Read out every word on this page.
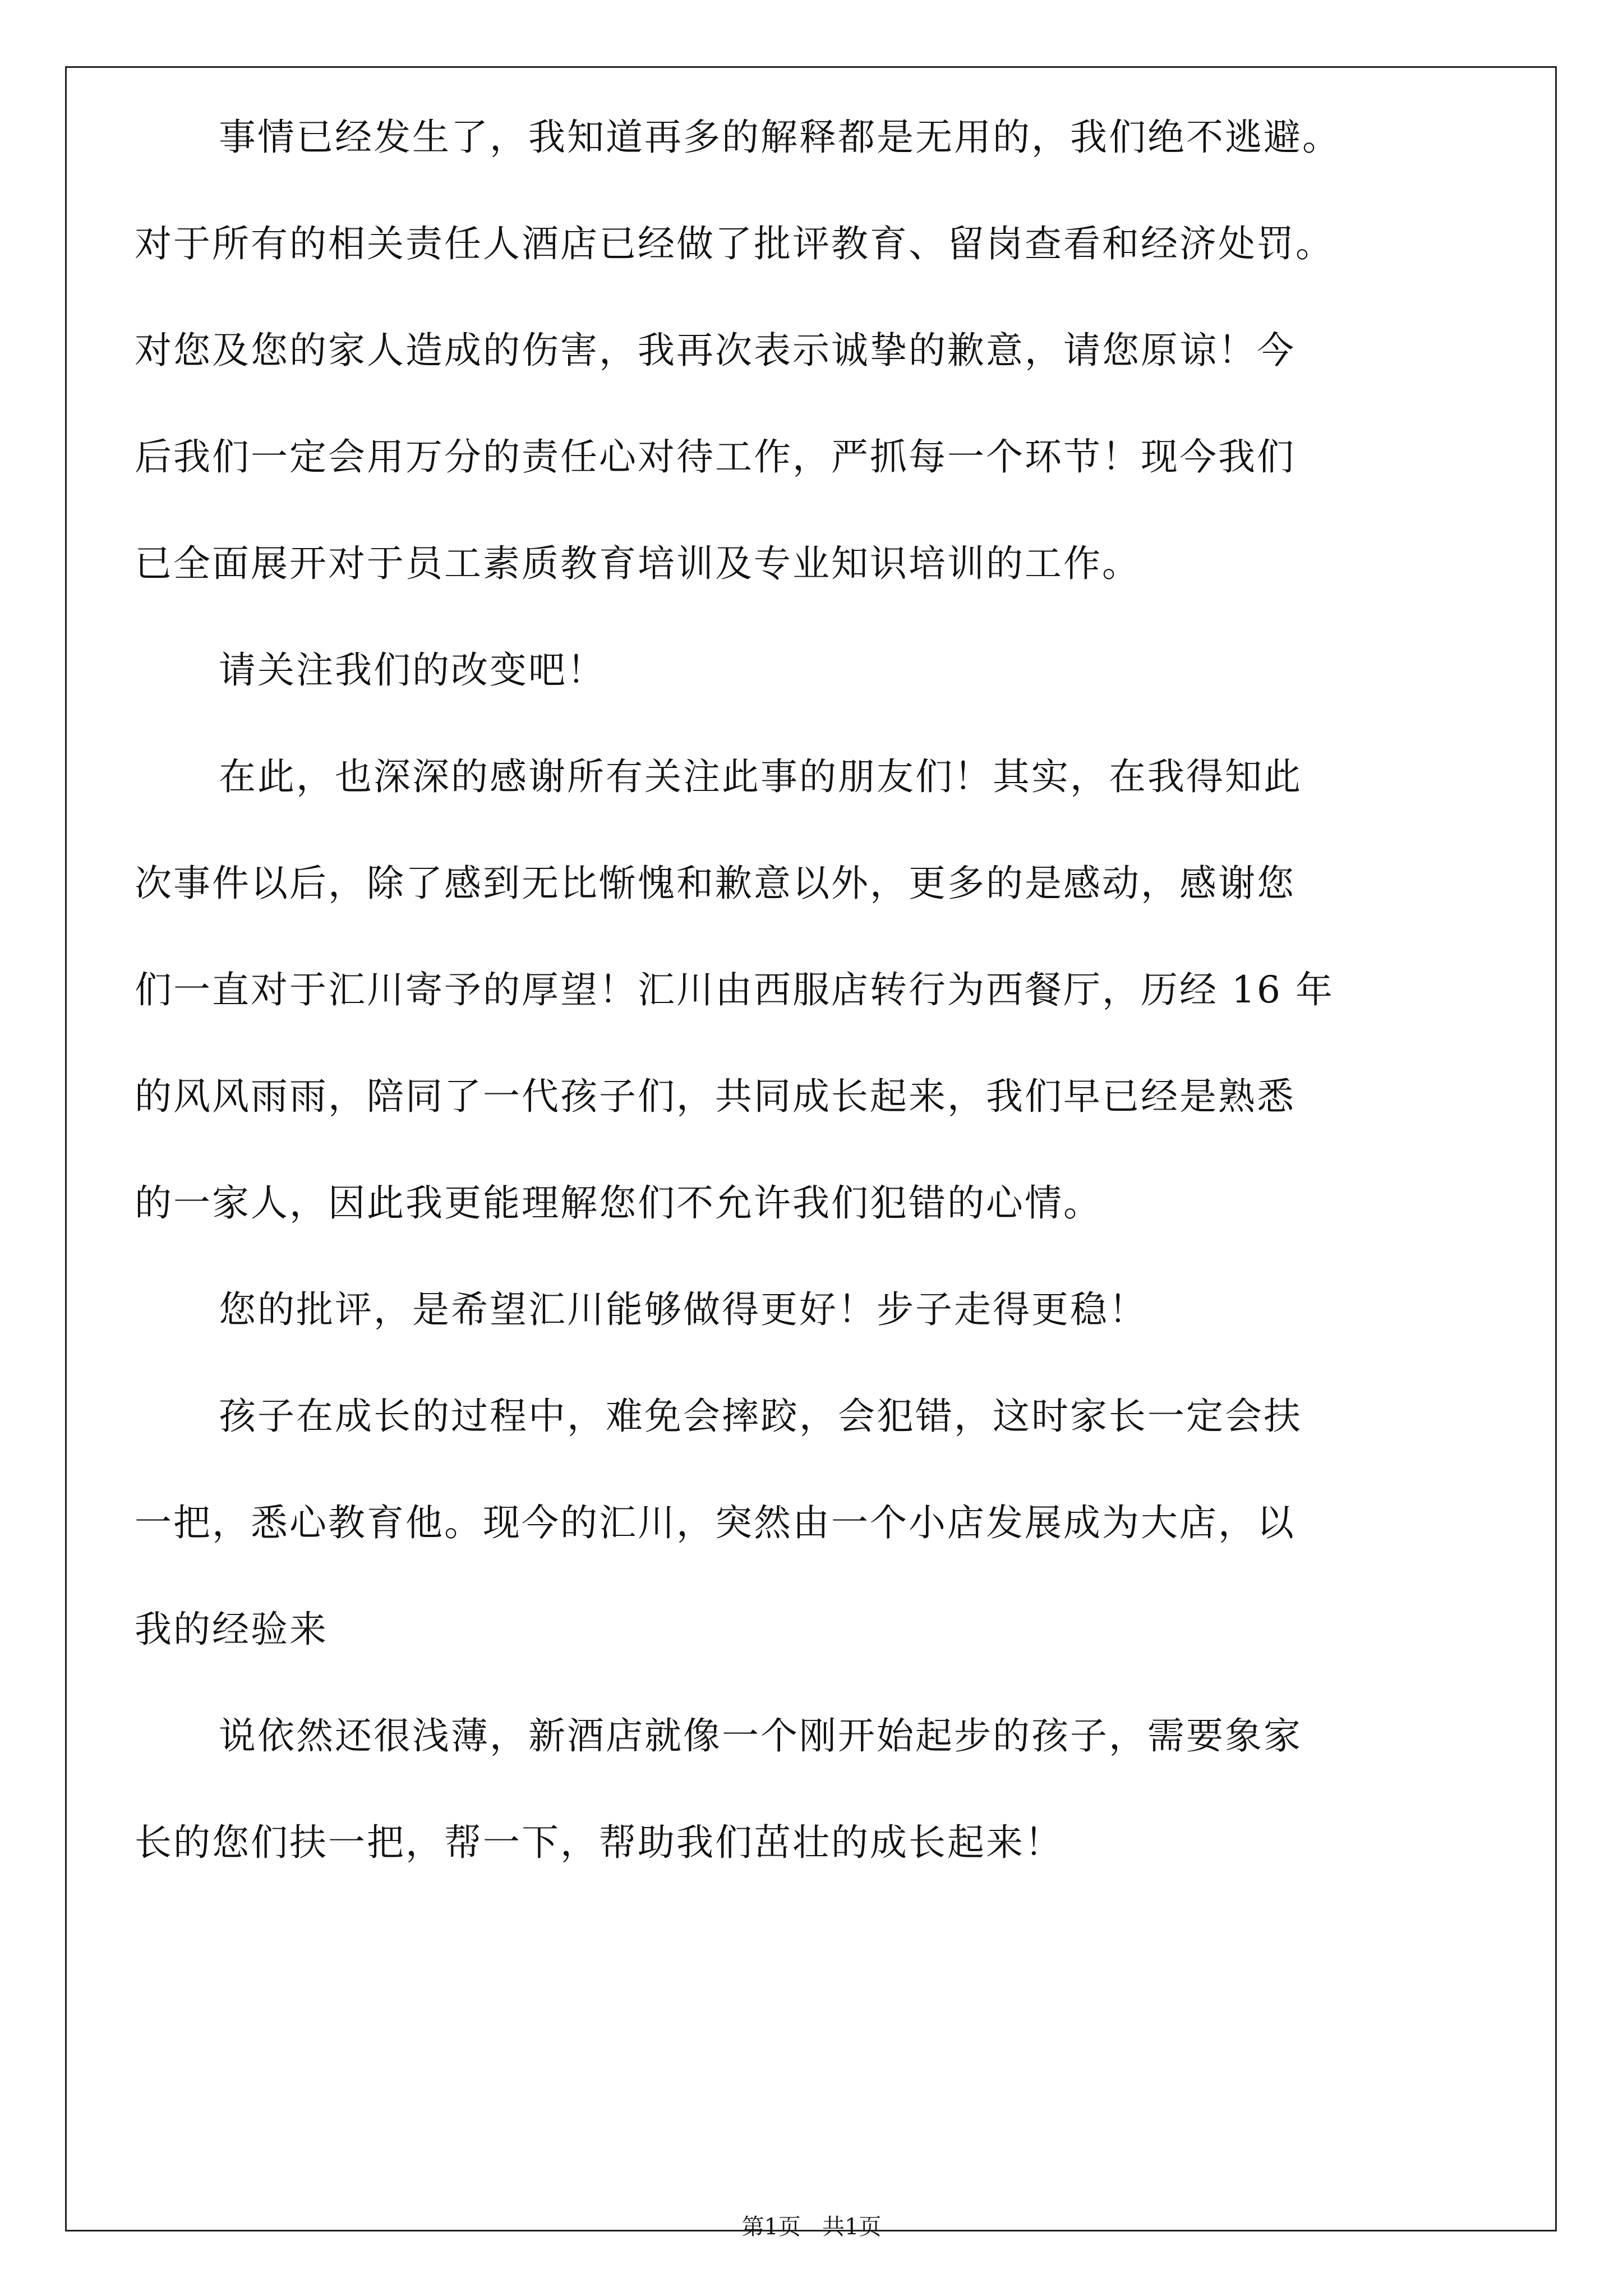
事情已经发生了，我知道再多的解释都是无用的，我们绝不逃避。
对于所有的相关责任人酒店已经做了批评教育、留岗查看和经济处罚。
对您及您的家人造成的伤害，我再次表示诚挚的歉意，请您原谅！今
后我们一定会用万分的责任心对待工作，严抓每一个环节！现今我们
已全面展开对于员工素质教育培训及专业知识培训的工作。
请关注我们的改变吧！
在此，也深深的感谢所有关注此事的朋友们！其实，在我得知此
次事件以后，除了感到无比惭愧和歉意以外，更多的是感动，感谢您
们一直对于汇川寄予的厚望！汇川由西服店转行为西餐厅，历经 16 年
的风风雨雨，陪同了一代孩子们，共同成长起来，我们早已经是熟悉
的一家人，因此我更能理解您们不允许我们犯错的心情。
您的批评，是希望汇川能够做得更好！步子走得更稳！
孩子在成长的过程中，难免会摔跤，会犯错，这时家长一定会扶
一把，悉心教育他。现今的汇川，突然由一个小店发展成为大店，以
我的经验来
说依然还很浅薄，新酒店就像一个刚开始起步的孩子，需要象家
长的您们扶一把，帮一下，帮助我们茁壮的成长起来！
第1页   共1页
